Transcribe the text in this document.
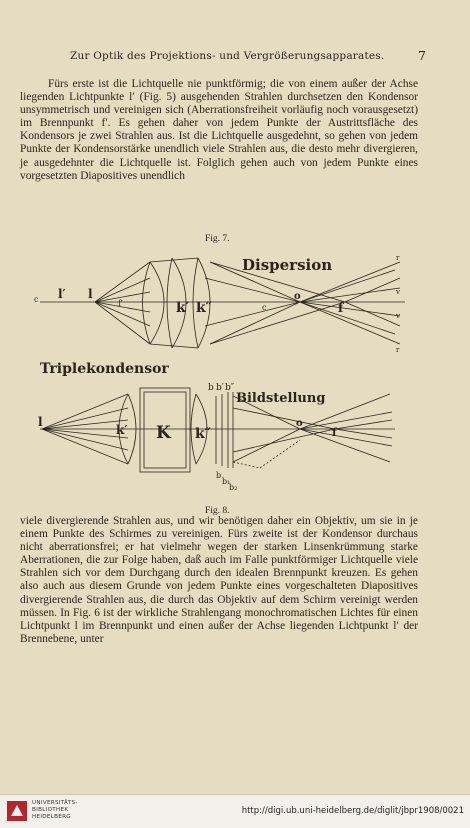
Zur Optik des Projektions- und Vergrößerungsapparates.	7

Fürs erste ist die Lichtquelle nie punktförmig; die von einem außer der Achse liegenden Lichtpunkte l′ (Fig. 5) ausgehenden Strahlen durchsetzen den Kondensor unsymmetrisch und vereinigen sich (Aberrationsfreiheit vorläufig noch vorausgesetzt) im Brennpunkt f′. Es gehen daher von jedem Punkte der Austrittsfläche des Kondensors je zwei Strahlen aus. Ist die Lichtquelle ausgedehnt, so gehen von jedem Punkte der Kondensorstärke unendlich viele Strahlen aus, die desto mehr divergieren, je ausgedehnter die Lichtquelle ist. Folglich gehen auch von jedem Punkte eines vorgesetzten Diapositives unendlich

Fig. 7.
Dispersion
c l′ l
k′ k″	c
o
f
f′
r
v
v
r
Triplekondensor
Bildstellung
b b′ b″
l
k′ K k″
o
f
b
b₁
b₂
Fig. 8.

viele divergierende Strahlen aus, und wir benötigen daher ein Objektiv, um sie in je einem Punkte des Schirmes zu vereinigen. Fürs zweite ist der Kondensor durchaus nicht aberrationsfrei; er hat vielmehr wegen der starken Linsenkrümmung starke Aberrationen, die zur Folge haben, daß auch im Falle punktförmiger Lichtquelle viele Strahlen sich vor dem Durchgang durch den idealen Brennpunkt kreuzen. Es gehen also auch aus diesem Grunde von jedem Punkte eines vorgeschalteten Diapositives divergierende Strahlen aus, die durch das Objektiv auf dem Schirm vereinigt werden müssen. In Fig. 6 ist der wirkliche Strahlengang monochromatischen Lichtes für einen Lichtpunkt l im Brennpunkt und einen außer der Achse liegenden Lichtpunkt l′ der Brennebene, unter

UNIVERSITÄTS-
BIBLIOTHEK
HEIDELBERG
http://digi.ub.uni-heidelberg.de/diglit/jbpr1908/0021
